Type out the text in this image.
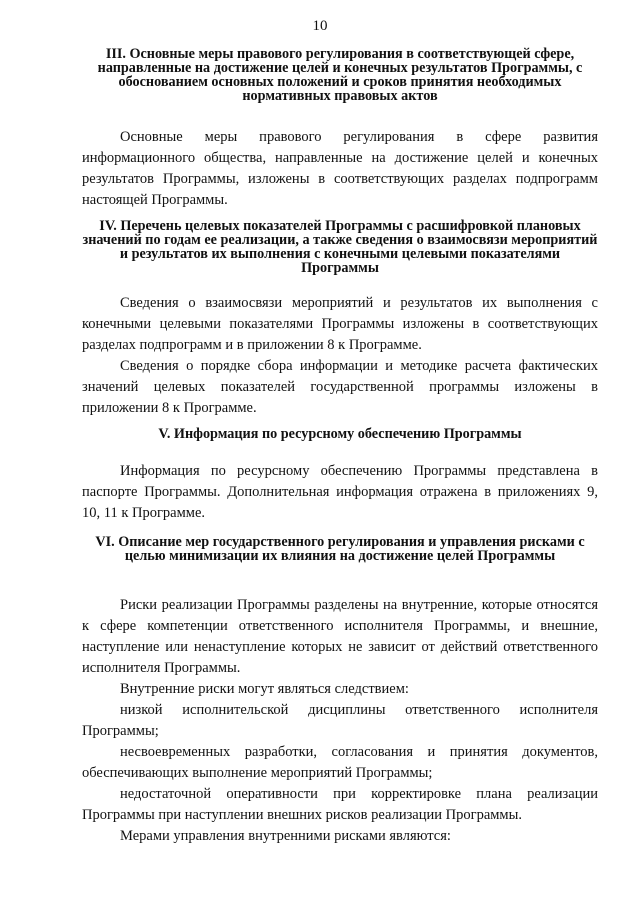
10
III. Основные меры правового регулирования в соответствующей сфере, направленные на достижение целей и конечных результатов Программы, с обоснованием основных положений и сроков принятия необходимых нормативных правовых актов

Основные меры правового регулирования в сфере развития информационного общества, направленные на достижение целей и конечных результатов Программы, изложены в соответствующих разделах подпрограмм настоящей Программы.

IV. Перечень целевых показателей Программы с расшифровкой плановых значений по годам ее реализации, а также сведения о взаимосвязи мероприятий и результатов их выполнения с конечными целевыми показателями Программы

Сведения о взаимосвязи мероприятий и результатов их выполнения с конечными целевыми показателями Программы изложены в соответствующих разделах подпрограмм и в приложении 8 к Программе.

Сведения о порядке сбора информации и методике расчета фактических значений целевых показателей государственной программы изложены в приложении 8 к Программе.

V. Информация по ресурсному обеспечению Программы

Информация по ресурсному обеспечению Программы представлена в паспорте Программы. Дополнительная информация отражена в приложениях 9, 10, 11 к Программе.

VI. Описание мер государственного регулирования и управления рисками с целью минимизации их влияния на достижение целей Программы

Риски реализации Программы разделены на внутренние, которые относятся к сфере компетенции ответственного исполнителя Программы, и внешние, наступление или ненаступление которых не зависит от действий ответственного исполнителя Программы.

Внутренние риски могут являться следствием:

низкой исполнительской дисциплины ответственного исполнителя Программы;

несвоевременных разработки, согласования и принятия документов, обеспечивающих выполнение мероприятий Программы;

недостаточной оперативности при корректировке плана реализации Программы при наступлении внешних рисков реализации Программы.

Мерами управления внутренними рисками являются:
